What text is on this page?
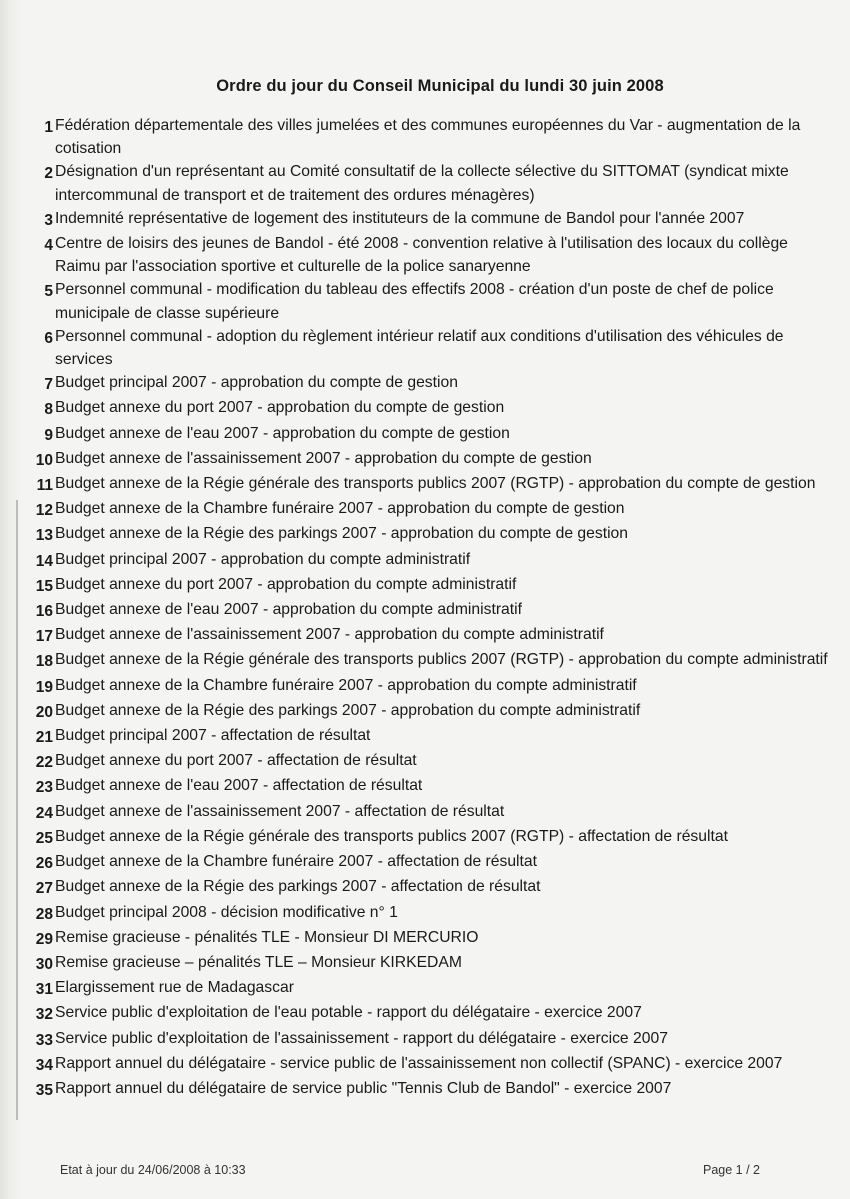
Ordre du jour du Conseil Municipal du lundi 30 juin 2008
1 Fédération départementale des villes jumelées et des communes européennes du Var - augmentation de la cotisation
2 Désignation d'un représentant au Comité consultatif de la collecte sélective du SITTOMAT (syndicat mixte intercommunal de transport et de traitement des ordures ménagères)
3 Indemnité représentative de logement des instituteurs de la commune de Bandol pour l'année 2007
4 Centre de loisirs des jeunes de Bandol - été 2008 - convention relative à l'utilisation des locaux du collège Raimu par l'association sportive et culturelle de la police sanaryenne
5 Personnel communal - modification du tableau des effectifs 2008 - création d'un poste de chef de police municipale de classe supérieure
6 Personnel communal - adoption du règlement intérieur relatif aux conditions d'utilisation des véhicules de services
7 Budget principal 2007 - approbation du compte de gestion
8 Budget annexe du port 2007 - approbation du compte de gestion
9 Budget annexe de l'eau 2007 - approbation du compte de gestion
10 Budget annexe de l'assainissement 2007 - approbation du compte de gestion
11 Budget annexe de la Régie générale des transports publics 2007 (RGTP) - approbation du compte de gestion
12 Budget annexe de la Chambre funéraire 2007 - approbation du compte de gestion
13 Budget annexe de la Régie des parkings 2007 - approbation du compte de gestion
14 Budget principal 2007 - approbation du compte administratif
15 Budget annexe du port 2007 - approbation du compte administratif
16 Budget annexe de l'eau 2007 - approbation du compte administratif
17 Budget annexe de l'assainissement 2007 - approbation du compte administratif
18 Budget annexe de la Régie générale des transports publics 2007 (RGTP) - approbation du compte administratif
19 Budget annexe de la Chambre funéraire 2007 - approbation du compte administratif
20 Budget annexe de la Régie des parkings 2007 - approbation du compte administratif
21 Budget principal 2007 - affectation de résultat
22 Budget annexe du port 2007 - affectation de résultat
23 Budget annexe de l'eau 2007 - affectation de résultat
24 Budget annexe de l'assainissement 2007 - affectation de résultat
25 Budget annexe de la Régie générale des transports publics 2007 (RGTP) - affectation de résultat
26 Budget annexe de la Chambre funéraire 2007 - affectation de résultat
27 Budget annexe de la Régie des parkings 2007 - affectation de résultat
28 Budget principal 2008 - décision modificative n° 1
29 Remise gracieuse - pénalités TLE - Monsieur DI MERCURIO
30 Remise gracieuse – pénalités TLE – Monsieur KIRKEDAM
31 Elargissement rue de Madagascar
32 Service public d'exploitation de l'eau potable - rapport du délégataire - exercice 2007
33 Service public d'exploitation de l'assainissement - rapport du délégataire - exercice 2007
34 Rapport annuel du délégataire - service public de l'assainissement non collectif (SPANC) - exercice 2007
35 Rapport annuel du délégataire de service public "Tennis Club de Bandol" - exercice 2007
Etat à jour du 24/06/2008 à 10:33	Page 1 / 2
